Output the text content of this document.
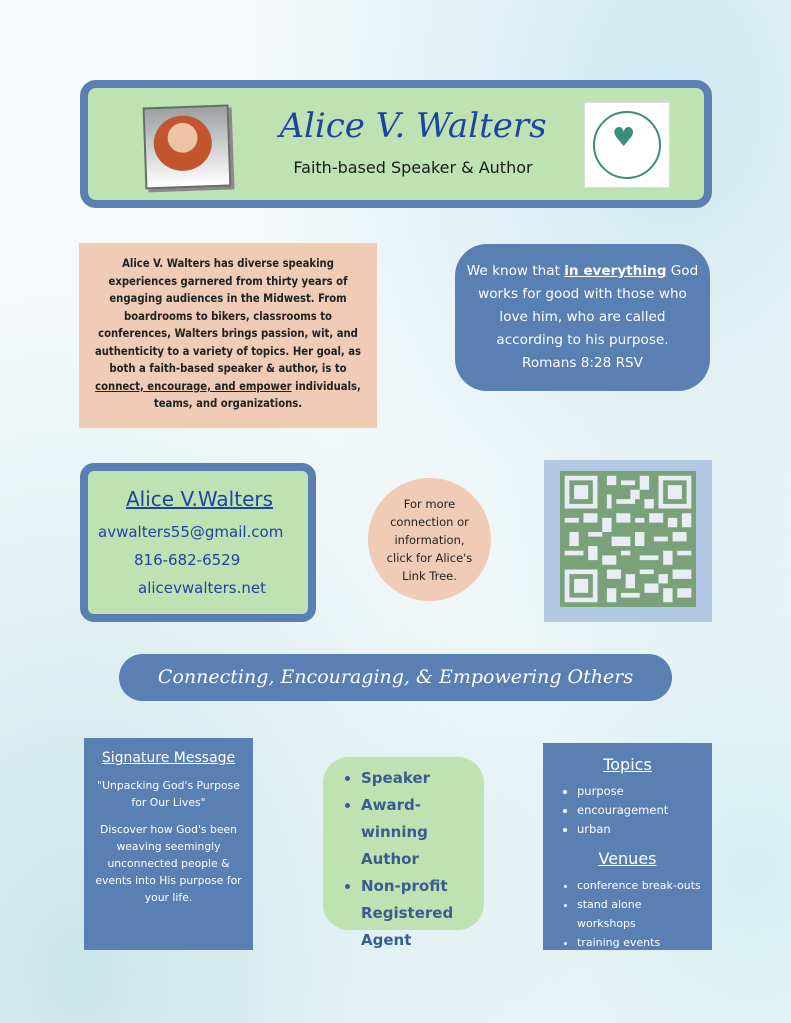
Alice V. Walters
Faith-based Speaker & Author
♥
Alice V. Walters has diverse speaking experiences garnered from thirty years of engaging audiences in the Midwest. From boardrooms to bikers, classrooms to conferences, Walters brings passion, wit, and authenticity to a variety of topics. Her goal, as both a faith-based speaker & author, is to connect, encourage, and empower individuals, teams, and organizations.
We know that in everything God works for good with those who love him, who are called according to his purpose.
Romans 8:28 RSV
Alice V.Walters
avwalters55@gmail.com
816-682-6529
alicevwalters.net
For more connection or information, click for Alice's Link Tree.
Connecting, Encouraging, & Empowering Others
Signature Message
"Unpacking God's Purpose for Our Lives"
Discover how God's been weaving seemingly unconnected people & events into His purpose for your life.
• Speaker
• Award-winning Author
• Non-profit Registered Agent
Topics
• purpose
• encouragement
• urban
Venues
• conference break-outs
• stand alone workshops
• training events
